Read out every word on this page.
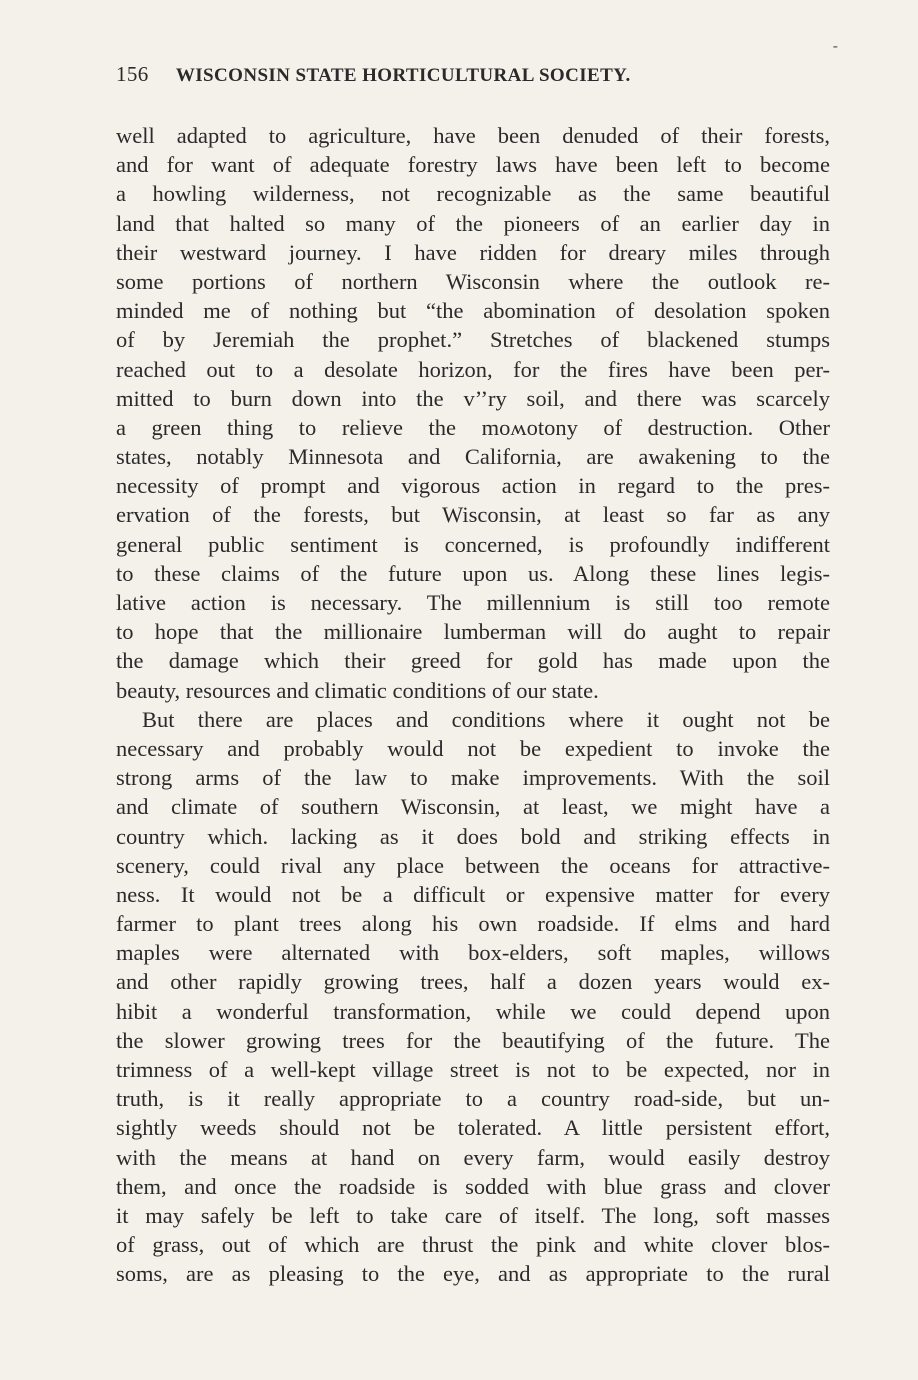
-
156 WISCONSIN STATE HORTICULTURAL SOCIETY.
well adapted to agriculture, have been denuded of their forests,
and for want of adequate forestry laws have been left to become
a howling wilderness, not recognizable as the same beautiful
land that halted so many of the pioneers of an earlier day in
their westward journey. I have ridden for dreary miles through
some portions of northern Wisconsin where the outlook re-
minded me of nothing but “the abomination of desolation spoken
of by Jeremiah the prophet.” Stretches of blackened stumps
reached out to a desolate horizon, for the fires have been per-
mitted to burn down into the v’’ry soil, and there was scarcely
a green thing to relieve the moʍotony of destruction. Other
states, notably Minnesota and California, are awakening to the
necessity of prompt and vigorous action in regard to the pres-
ervation of the forests, but Wisconsin, at least so far as any
general public sentiment is concerned, is profoundly indifferent
to these claims of the future upon us. Along these lines legis-
lative action is necessary. The millennium is still too remote
to hope that the millionaire lumberman will do aught to repair
the damage which their greed for gold has made upon the
beauty, resources and climatic conditions of our state.
But there are places and conditions where it ought not be
necessary and probably would not be expedient to invoke the
strong arms of the law to make improvements. With the soil
and climate of southern Wisconsin, at least, we might have a
country which. lacking as it does bold and striking effects in
scenery, could rival any place between the oceans for attractive-
ness. It would not be a difficult or expensive matter for every
farmer to plant trees along his own roadside. If elms and hard
maples were alternated with box-elders, soft maples, willows
and other rapidly growing trees, half a dozen years would ex-
hibit a wonderful transformation, while we could depend upon
the slower growing trees for the beautifying of the future. The
trimness of a well-kept village street is not to be expected, nor in
truth, is it really appropriate to a country road-side, but un-
sightly weeds should not be tolerated. A little persistent effort,
with the means at hand on every farm, would easily destroy
them, and once the roadside is sodded with blue grass and clover
it may safely be left to take care of itself. The long, soft masses
of grass, out of which are thrust the pink and white clover blos-
soms, are as pleasing to the eye, and as appropriate to the rural
